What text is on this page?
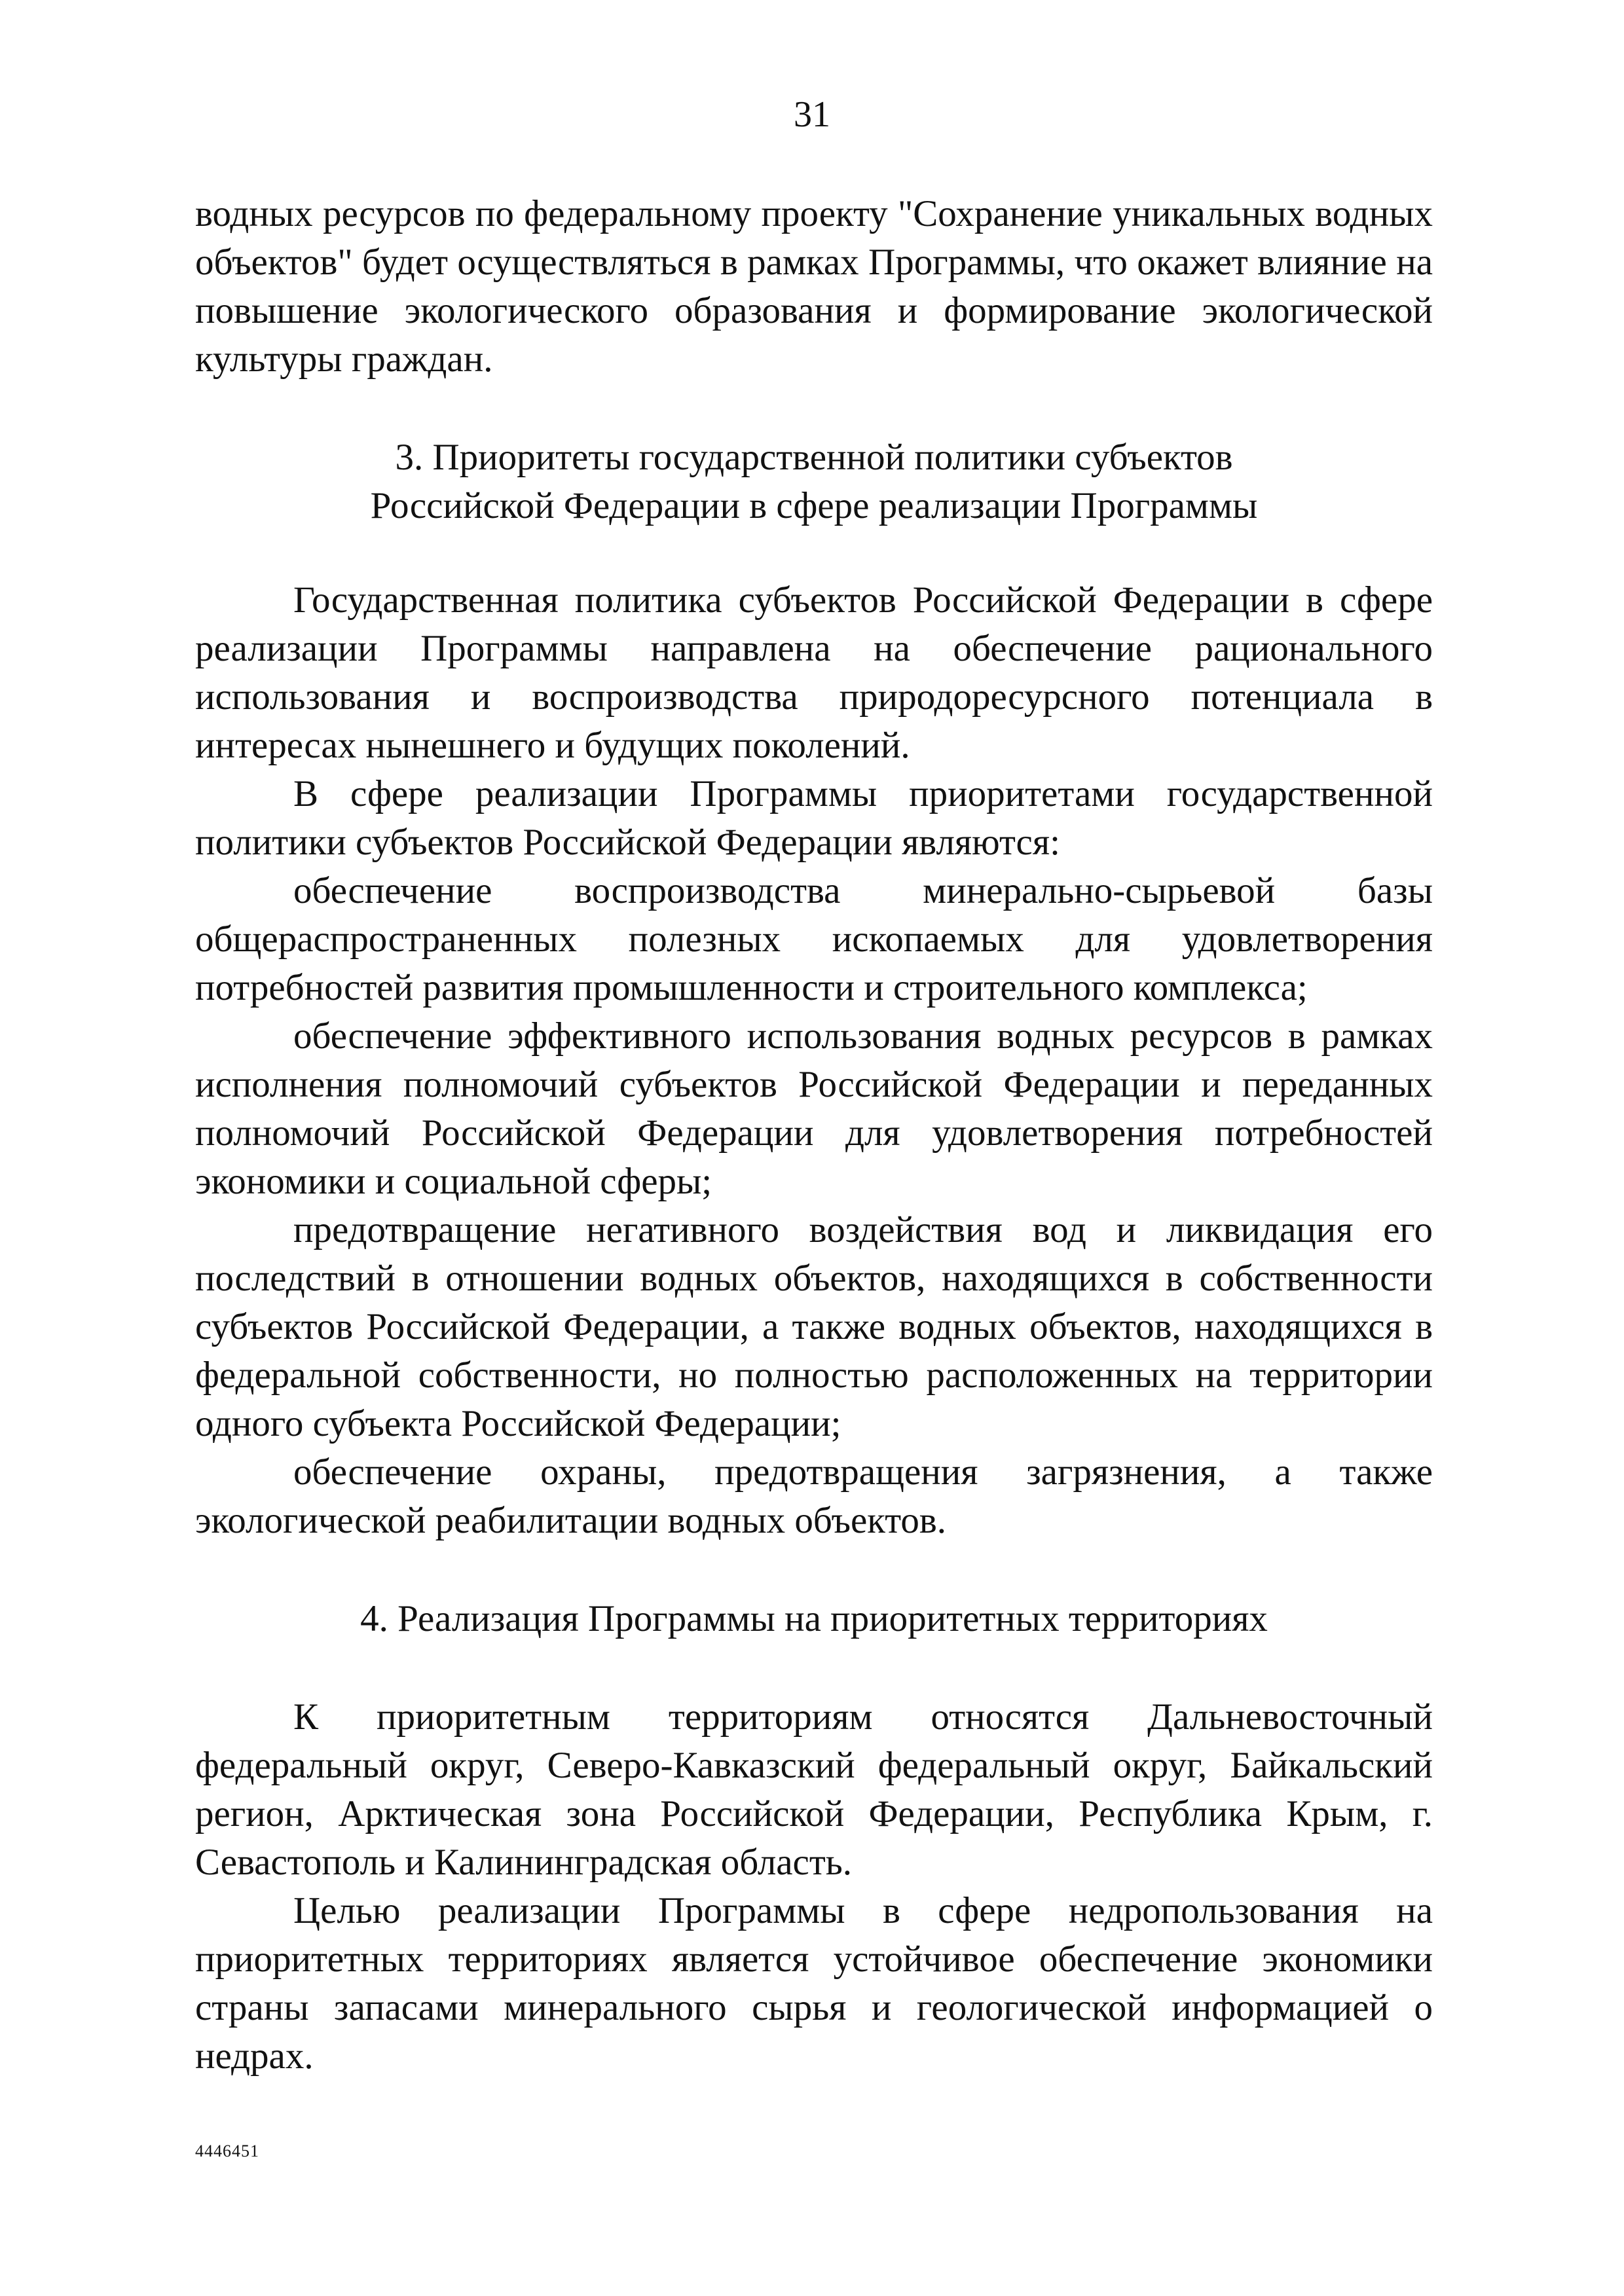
31

водных ресурсов по федеральному проекту "Сохранение уникальных водных объектов" будет осуществляться в рамках Программы, что окажет влияние на повышение экологического образования и формирование экологической культуры граждан.

3. Приоритеты государственной политики субъектов
Российской Федерации в сфере реализации Программы

Государственная политика субъектов Российской Федерации в сфере реализации Программы направлена на обеспечение рационального использования и воспроизводства природоресурсного потенциала в интересах нынешнего и будущих поколений.

В сфере реализации Программы приоритетами государственной политики субъектов Российской Федерации являются:

обеспечение воспроизводства минерально-сырьевой базы общераспространенных полезных ископаемых для удовлетворения потребностей развития промышленности и строительного комплекса;

обеспечение эффективного использования водных ресурсов в рамках исполнения полномочий субъектов Российской Федерации и переданных полномочий Российской Федерации для удовлетворения потребностей экономики и социальной сферы;

предотвращение негативного воздействия вод и ликвидация его последствий в отношении водных объектов, находящихся в собственности субъектов Российской Федерации, а также водных объектов, находящихся в федеральной собственности, но полностью расположенных на территории одного субъекта Российской Федерации;

обеспечение охраны, предотвращения загрязнения, а также экологической реабилитации водных объектов.

4. Реализация Программы на приоритетных территориях

К приоритетным территориям относятся Дальневосточный федеральный округ, Северо-Кавказский федеральный округ, Байкальский регион, Арктическая зона Российской Федерации, Республика Крым, г. Севастополь и Калининградская область.

Целью реализации Программы в сфере недропользования на приоритетных территориях является устойчивое обеспечение экономики страны запасами минерального сырья и геологической информацией о недрах.

4446451
